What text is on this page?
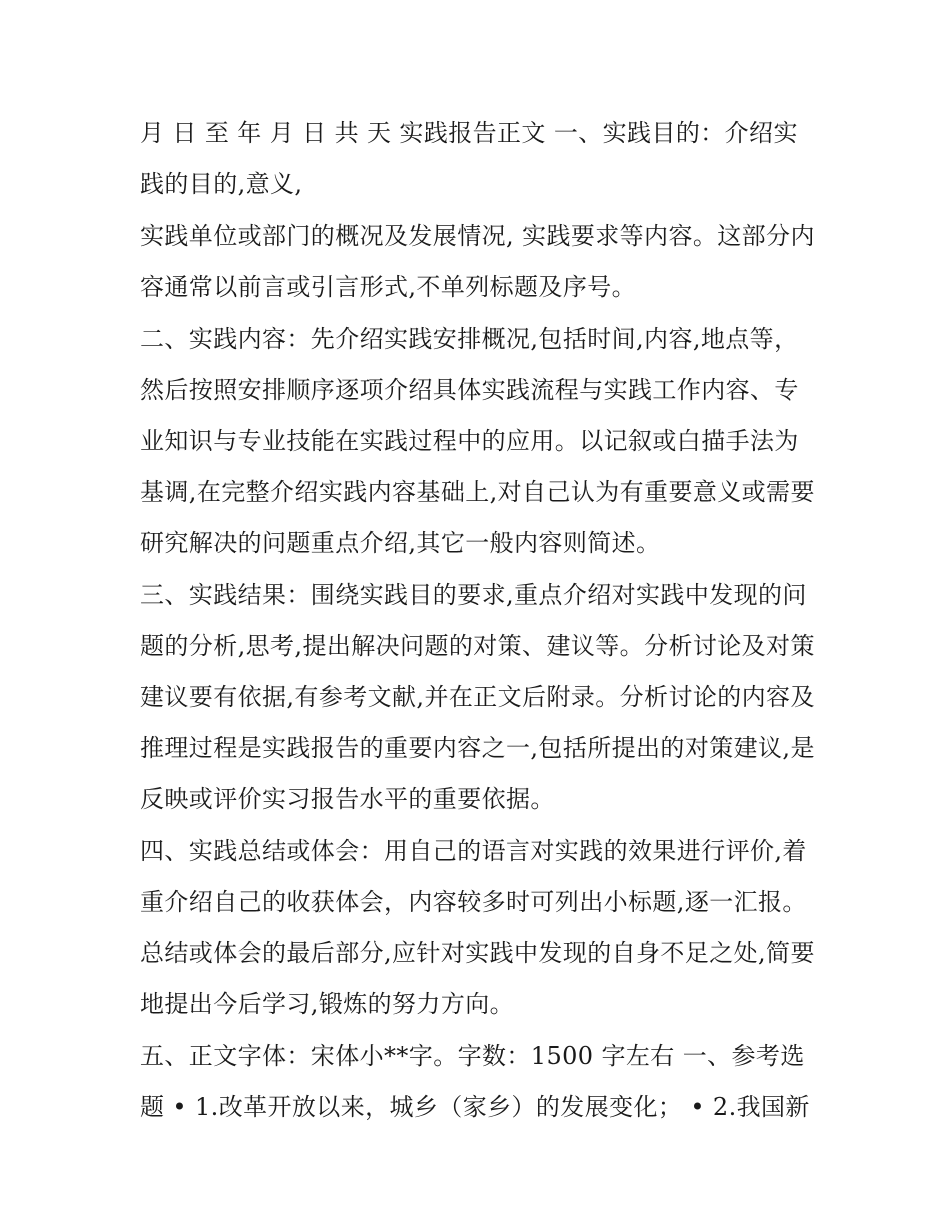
月 日 至 年 月 日 共 天 实践报告正文 一、实践目的：介绍实践的目的,意义,

实践单位或部门的概况及发展情况, 实践要求等内容。这部分内容通常以前言或引言形式,不单列标题及序号。

二、实践内容：先介绍实践安排概况,包括时间,内容,地点等，然后按照安排顺序逐项介绍具体实践流程与实践工作内容、专业知识与专业技能在实践过程中的应用。以记叙或白描手法为基调,在完整介绍实践内容基础上,对自己认为有重要意义或需要研究解决的问题重点介绍,其它一般内容则简述。

三、实践结果：围绕实践目的要求,重点介绍对实践中发现的问题的分析,思考,提出解决问题的对策、建议等。分析讨论及对策建议要有依据,有参考文献,并在正文后附录。分析讨论的内容及推理过程是实践报告的重要内容之一,包括所提出的对策建议,是反映或评价实习报告水平的重要依据。

四、实践总结或体会：用自己的语言对实践的效果进行评价,着重介绍自己的收获体会，内容较多时可列出小标题,逐一汇报。总结或体会的最后部分,应针对实践中发现的自身不足之处,简要地提出今后学习,锻炼的努力方向。

五、正文字体：宋体小**字。字数：1500 字左右 一、参考选题 • 1.改革开放以来，城乡（家乡）的发展变化； • 2.我国新
